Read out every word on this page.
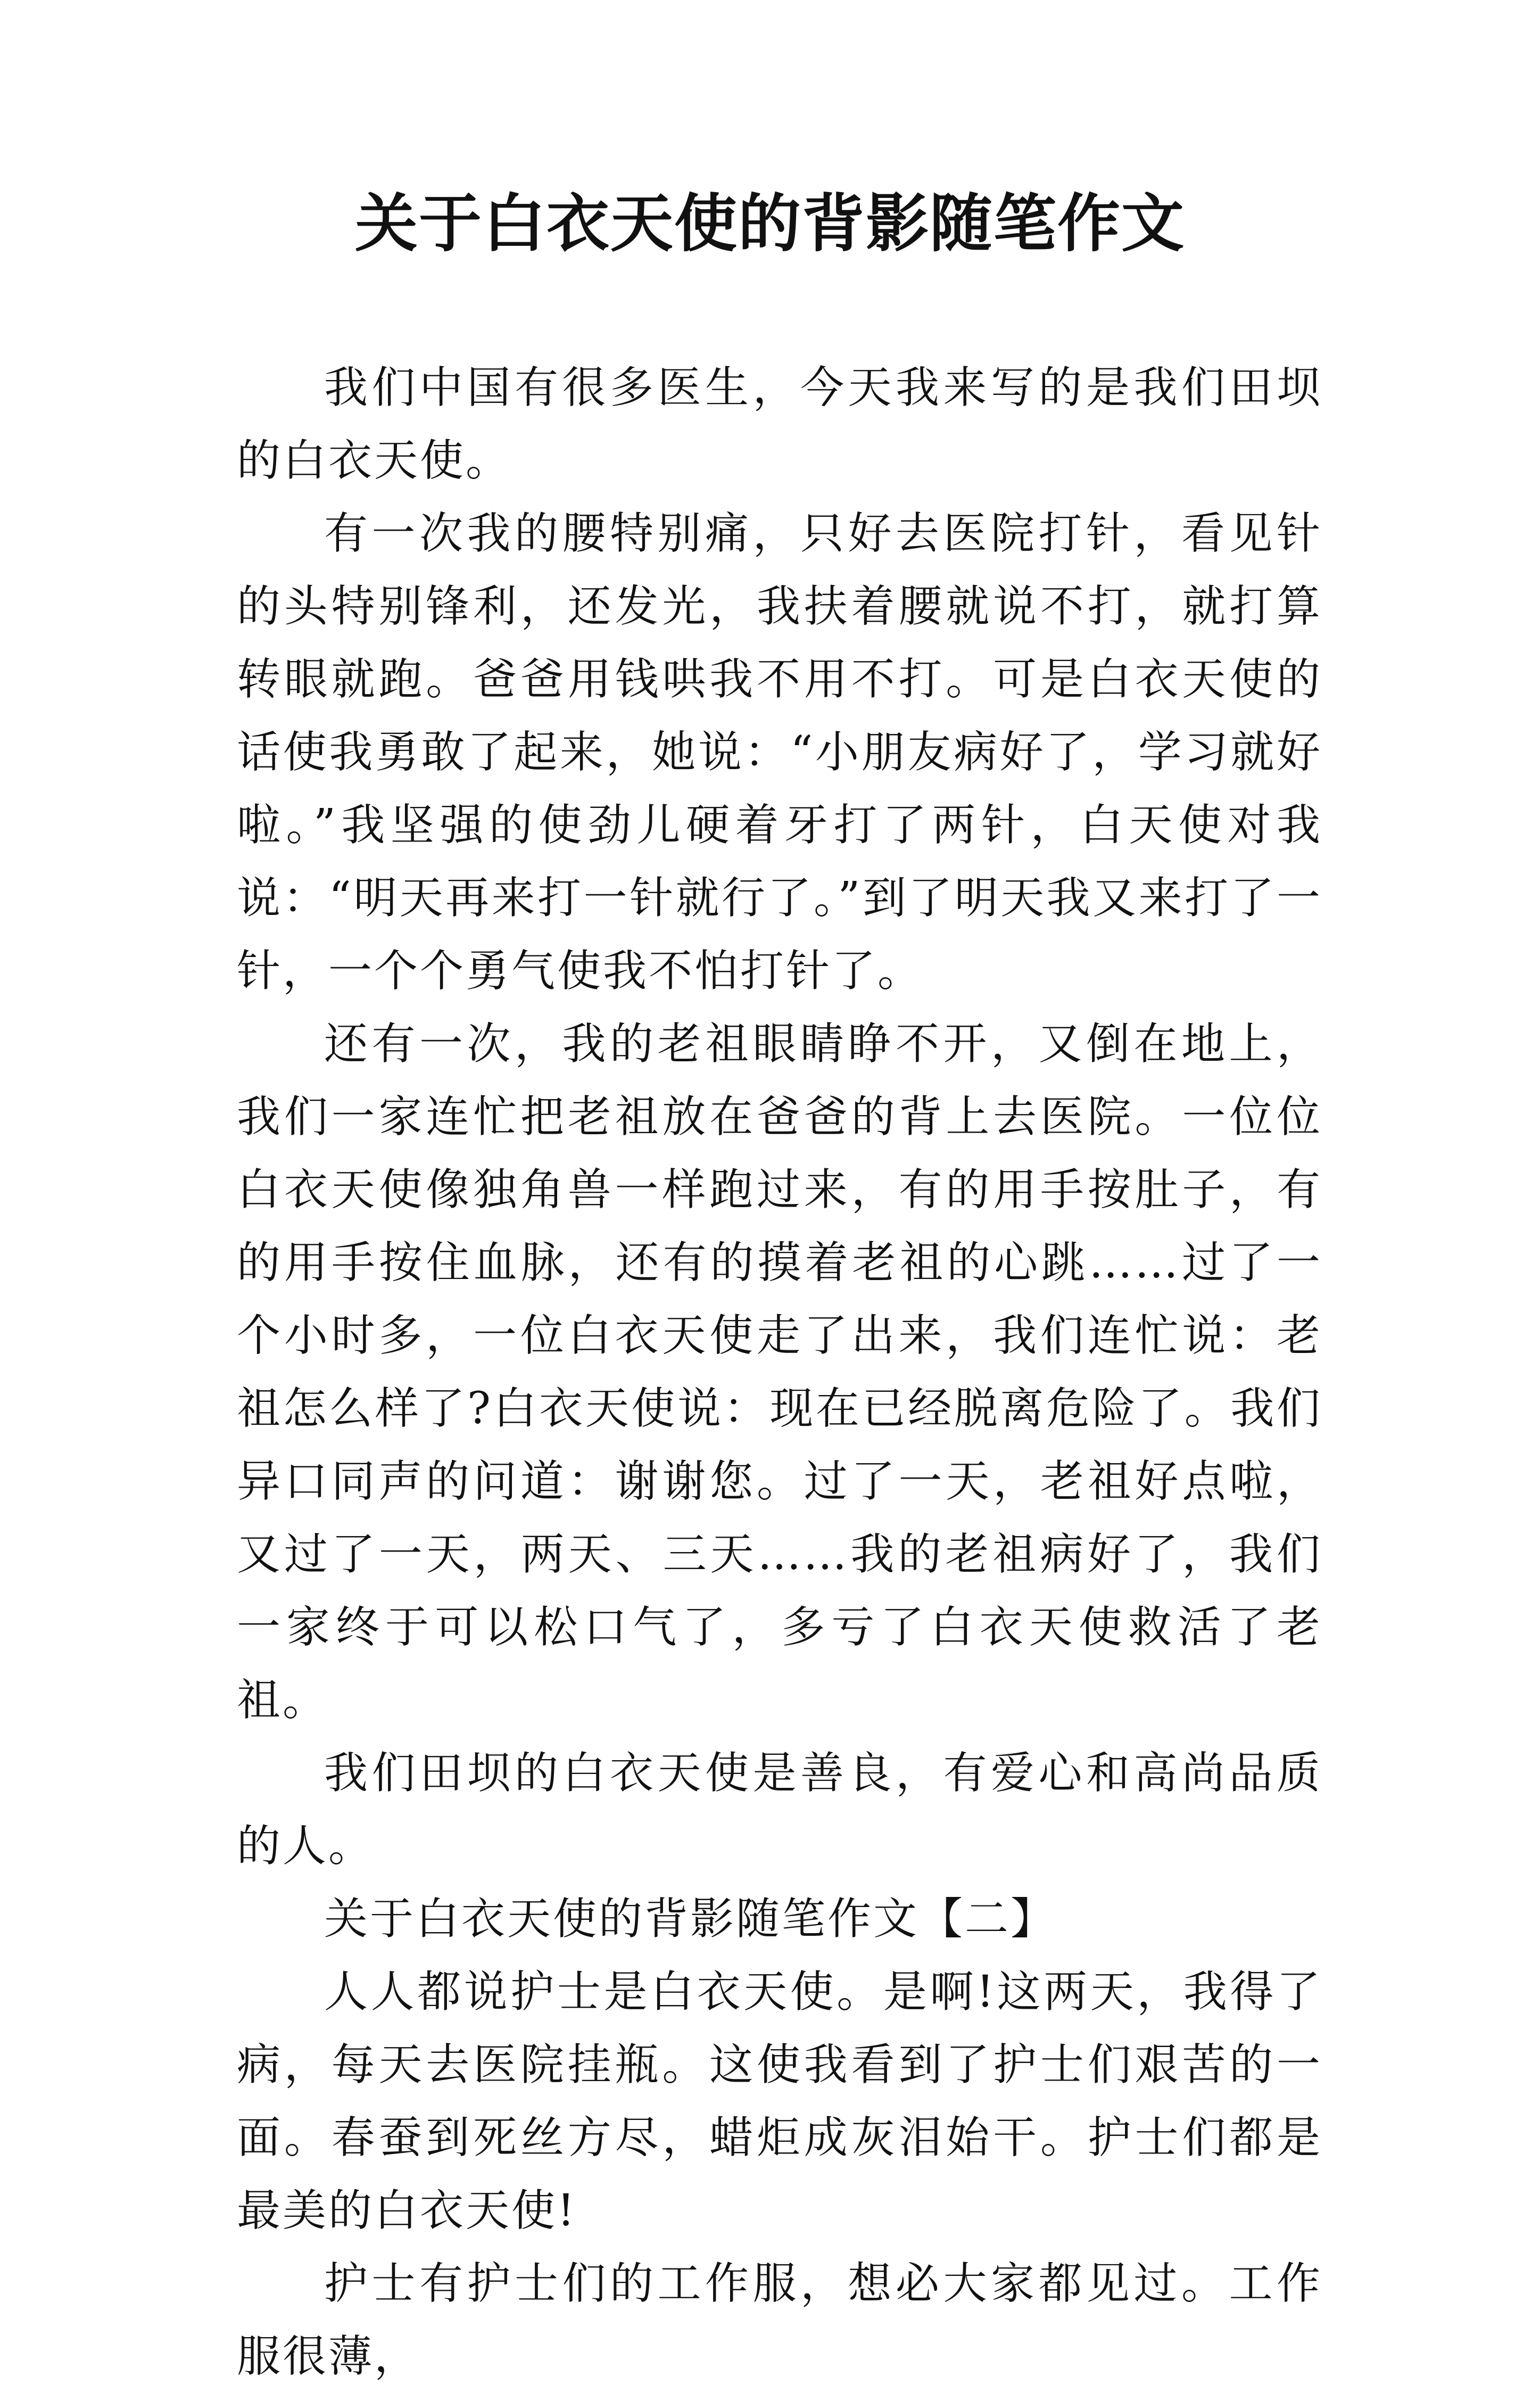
关于白衣天使的背影随笔作文

我们中国有很多医生，今天我来写的是我们田坝的白衣天使。

有一次我的腰特别痛，只好去医院打针，看见针的头特别锋利，还发光，我扶着腰就说不打，就打算转眼就跑。爸爸用钱哄我不用不打。可是白衣天使的话使我勇敢了起来，她说：“小朋友病好了，学习就好啦。”我坚强的使劲儿硬着牙打了两针，白天使对我说：“明天再来打一针就行了。”到了明天我又来打了一针，一个个勇气使我不怕打针了。

还有一次，我的老祖眼睛睁不开，又倒在地上，我们一家连忙把老祖放在爸爸的背上去医院。一位位白衣天使像独角兽一样跑过来，有的用手按肚子，有的用手按住血脉，还有的摸着老祖的心跳……过了一个小时多，一位白衣天使走了出来，我们连忙说：老祖怎么样了?白衣天使说：现在已经脱离危险了。我们异口同声的问道：谢谢您。过了一天，老祖好点啦，又过了一天，两天、三天……我的老祖病好了，我们一家终于可以松口气了，多亏了白衣天使救活了老祖。

我们田坝的白衣天使是善良，有爱心和高尚品质的人。

关于白衣天使的背影随笔作文【二】

人人都说护士是白衣天使。是啊!这两天，我得了病，每天去医院挂瓶。这使我看到了护士们艰苦的一面。春蚕到死丝方尽，蜡炬成灰泪始干。护士们都是最美的白衣天使!

护士有护士们的工作服，想必大家都见过。工作服很薄，
